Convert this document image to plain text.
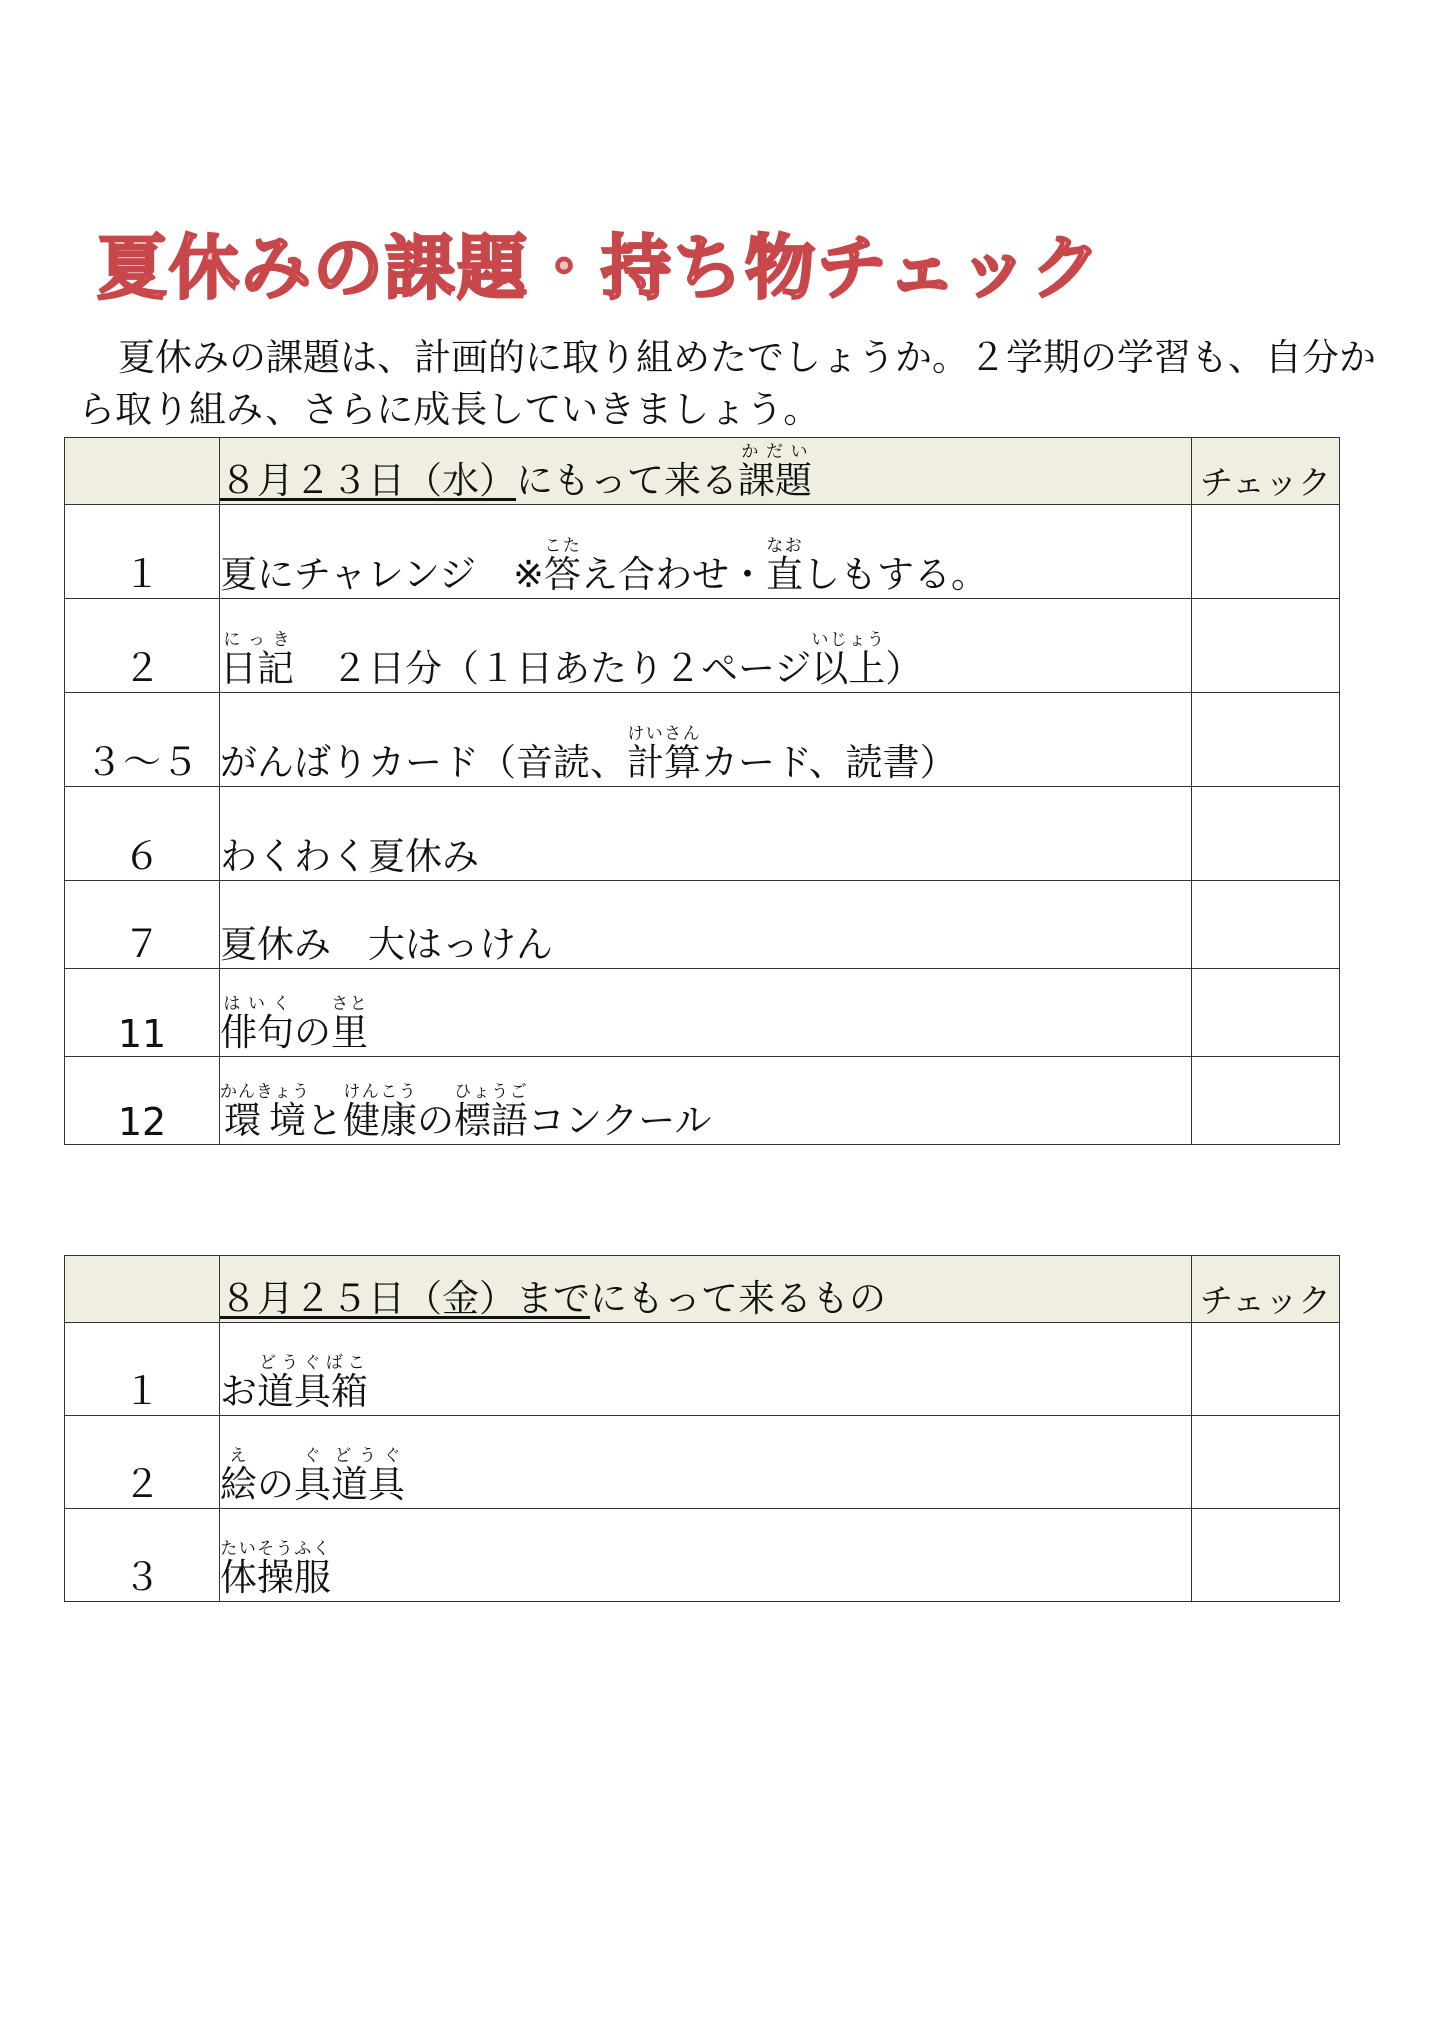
夏休みの課題・持ち物チェック

夏休みの課題は、計画的に取り組めたでしょうか。２学期の学習も、自分から取り組み、さらに成長していきましょう。

	８月２３日（水）にもって来る課題かだい	チェック
１	夏にチャレンジ　※答こたえ合わせ・直なおしもする。	
２	日記にっき　２日分（１日あたり２ページ以上いじょう）	
３～５	がんばりカード（音読、計算けいさんカード、読書）	
６	わくわく夏休み	
７	夏休み　大はっけん	
11	俳句はいくの里さと		
12	環境かんきょうと健康けんこうの標語ひょうごコンクール	
	８月２５日（金）までにもって来るもの	チェック
１	お道具箱どうぐばこ		
２	絵えの具ぐ道具どうぐ		
３	体操服たいそうふく		
